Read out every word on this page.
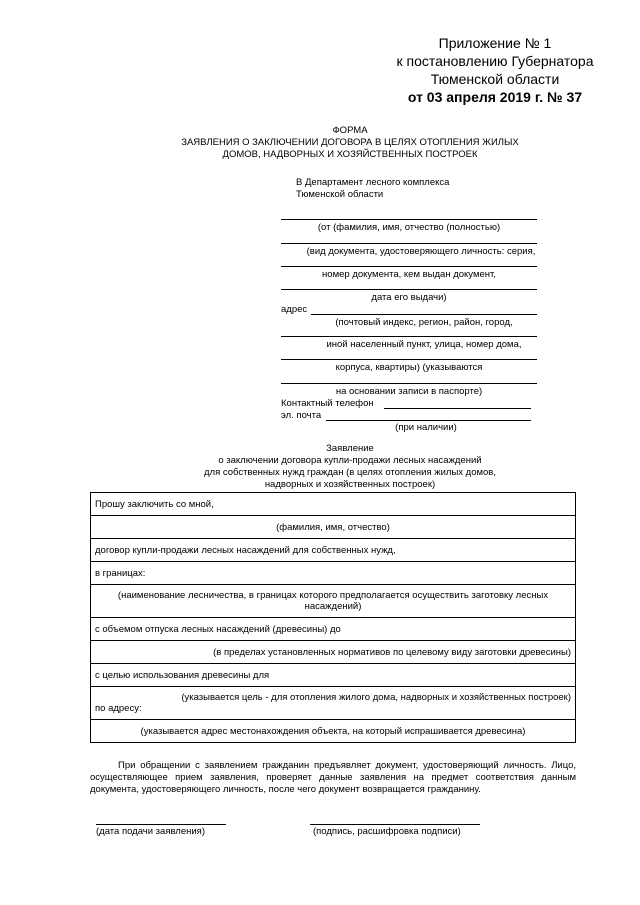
Приложение № 1
к постановлению Губернатора
Тюменской области
от 03 апреля 2019 г. № 37
ФОРМА
ЗАЯВЛЕНИЯ О ЗАКЛЮЧЕНИИ ДОГОВОРА В ЦЕЛЯХ ОТОПЛЕНИЯ ЖИЛЫХ
ДОМОВ, НАДВОРНЫХ И ХОЗЯЙСТВЕННЫХ ПОСТРОЕК
В Департамент лесного комплекса
Тюменской области
(от (фамилия, имя, отчество (полностью)
(вид документа, удостоверяющего личность: серия,
номер документа, кем выдан документ,
дата его выдачи)
адрес
(почтовый индекс, регион, район, город,
иной населенный пункт, улица, номер дома,
корпуса, квартиры) (указываются
на основании записи в паспорте)
Контактный телефон
эл. почта
(при наличии)
Заявление
о заключении договора купли-продажи лесных насаждений
для собственных нужд граждан (в целях отопления жилых домов,
надворных и хозяйственных построек)
Прошу заключить со мной,
(фамилия, имя, отчество)
договор купли-продажи лесных насаждений для собственных нужд,
в границах:
(наименование лесничества, в границах которого предполагается осуществить заготовку лесных насаждений)
с объемом отпуска лесных насаждений (древесины) до
(в пределах установленных нормативов по целевому виду заготовки древесины)
с целью использования древесины для

(указывается цель - для отопления жилого дома, надворных и хозяйственных построек)
по адресу:

(указывается адрес местонахождения объекта, на который испрашивается древесина)
При обращении с заявлением гражданин предъявляет документ, удостоверяющий личность. Лицо, осуществляющее прием заявления, проверяет данные заявления на предмет соответствия данным документа, удостоверяющего личность, после чего документ возвращается гражданину.
(дата подачи заявления)	(подпись, расшифровка подписи)
